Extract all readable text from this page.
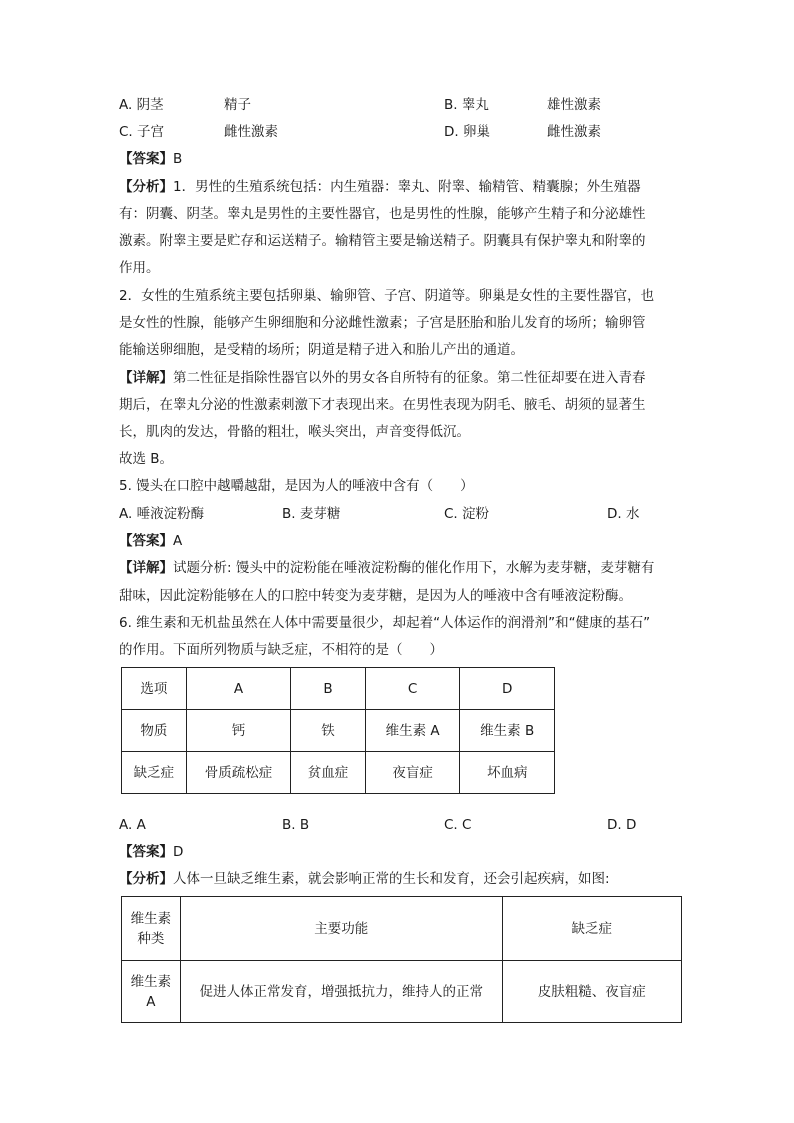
A. 阴茎	精子	B. 睾丸	雄性激素
C. 子宫	雌性激素	D. 卵巢	雌性激素
【答案】B
【分析】1．男性的生殖系统包括：内生殖器：睾丸、附睾、输精管、精囊腺；外生殖器
有：阴囊、阴茎。睾丸是男性的主要性器官，也是男性的性腺，能够产生精子和分泌雄性
激素。附睾主要是贮存和运送精子。输精管主要是输送精子。阴囊具有保护睾丸和附睾的
作用。
2．女性的生殖系统主要包括卵巢、输卵管、子宫、阴道等。卵巢是女性的主要性器官，也
是女性的性腺，能够产生卵细胞和分泌雌性激素；子宫是胚胎和胎儿发育的场所；输卵管
能输送卵细胞，是受精的场所；阴道是精子进入和胎儿产出的通道。
【详解】第二性征是指除性器官以外的男女各自所特有的征象。第二性征却要在进入青春
期后，在睾丸分泌的性激素刺激下才表现出来。在男性表现为阴毛、腋毛、胡须的显著生
长，肌肉的发达，骨骼的粗壮，喉头突出，声音变得低沉。
故选 B。
5. 馒头在口腔中越嚼越甜，是因为人的唾液中含有（　　）
A. 唾液淀粉酶	B. 麦芽糖	C. 淀粉	D. 水
【答案】A
【详解】试题分析: 馒头中的淀粉能在唾液淀粉酶的催化作用下，水解为麦芽糖，麦芽糖有
甜味，因此淀粉能够在人的口腔中转变为麦芽糖，是因为人的唾液中含有唾液淀粉酶。
6. 维生素和无机盐虽然在人体中需要量很少，却起着“人体运作的润滑剂”和“健康的基石”
的作用。下面所列物质与缺乏症，不相符的是（　　）
选项	A	B	C	D
物质	钙	铁	维生素 A	维生素 B
缺乏症	骨质疏松症	贫血症	夜盲症	坏血病
A. A	B. B	C. C	D. D
【答案】D
【分析】人体一旦缺乏维生素，就会影响正常的生长和发育，还会引起疾病，如图:
维生素
种类	主要功能	缺乏症
维生素
A	促进人体正常发育，增强抵抗力，维持人的正常	皮肤粗糙、夜盲症
